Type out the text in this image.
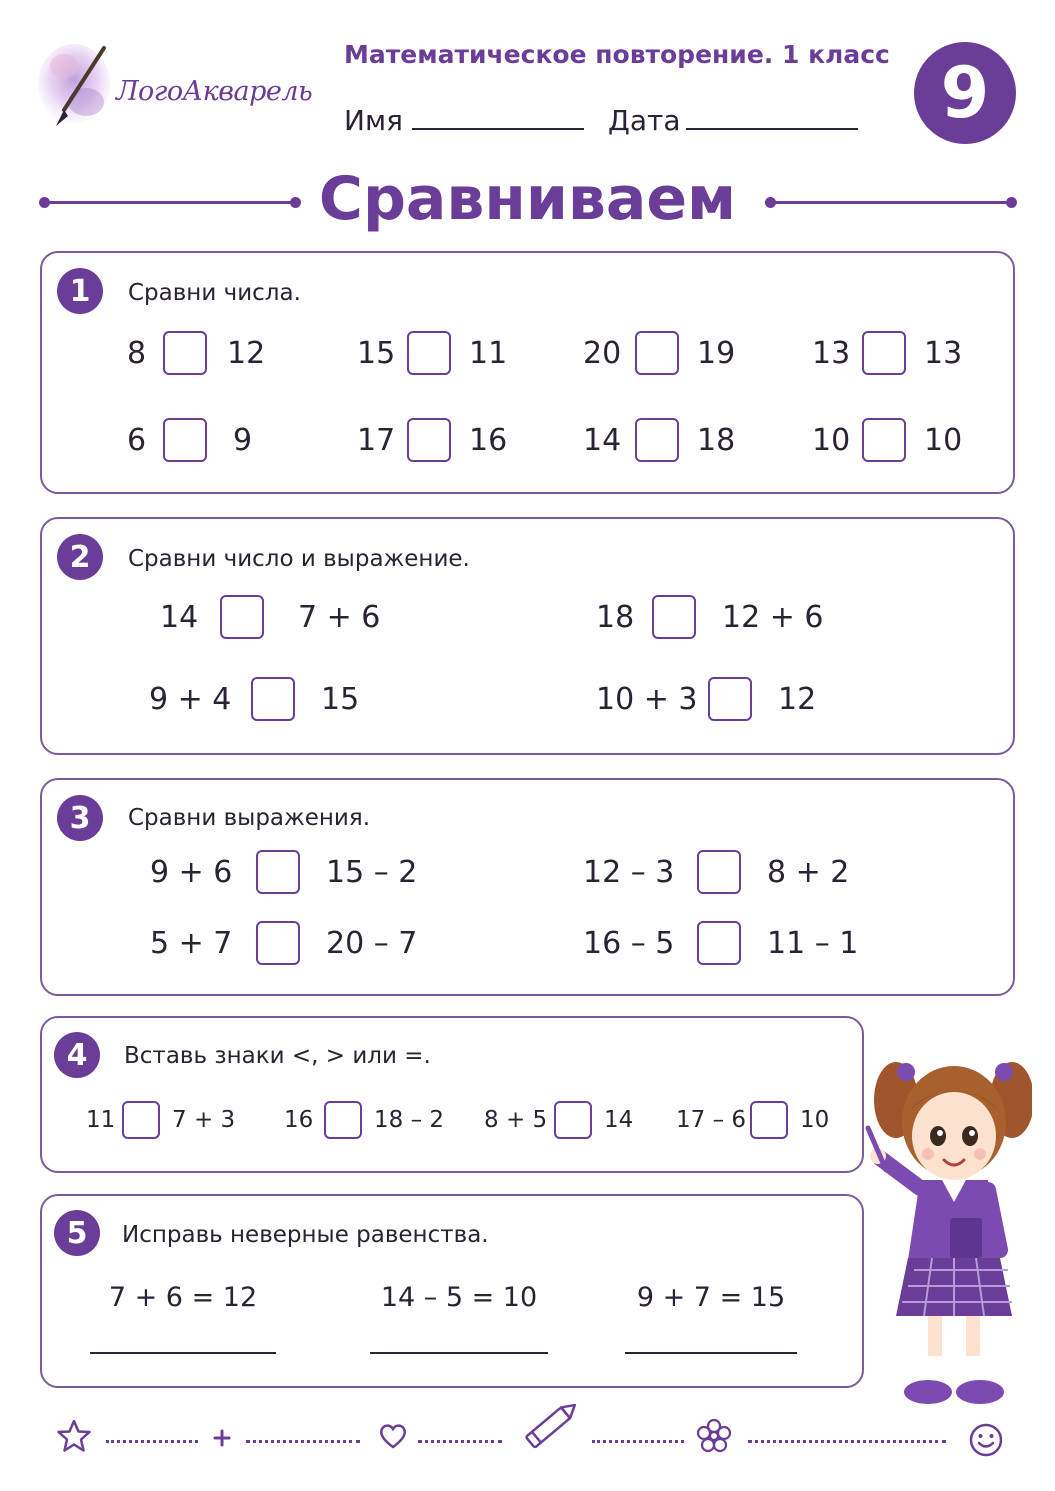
ЛогоАкварель
Математическое повторение. 1 класс
Имя	Дата	9
Сравниваем
1	Сравни числа.
8	12	15	11	20	19	13	13
6	9	17	16	14	18	10	10
2	Сравни число и выражение.
14	7 + 6	18	12 + 6
9 + 4	15	10 + 3	12
3	Сравни выражения.
9 + 6	15 – 2	12 – 3	8 + 2
5 + 7	20 – 7	16 – 5	11 – 1
4	Вставь знаки <, > или =.
11 7 + 3 16	18 – 2 8 + 5 14 17 – 6 10
5	Исправь неверные равенства.
7 + 6 = 12	14 – 5 = 10	9 + 7 = 15
